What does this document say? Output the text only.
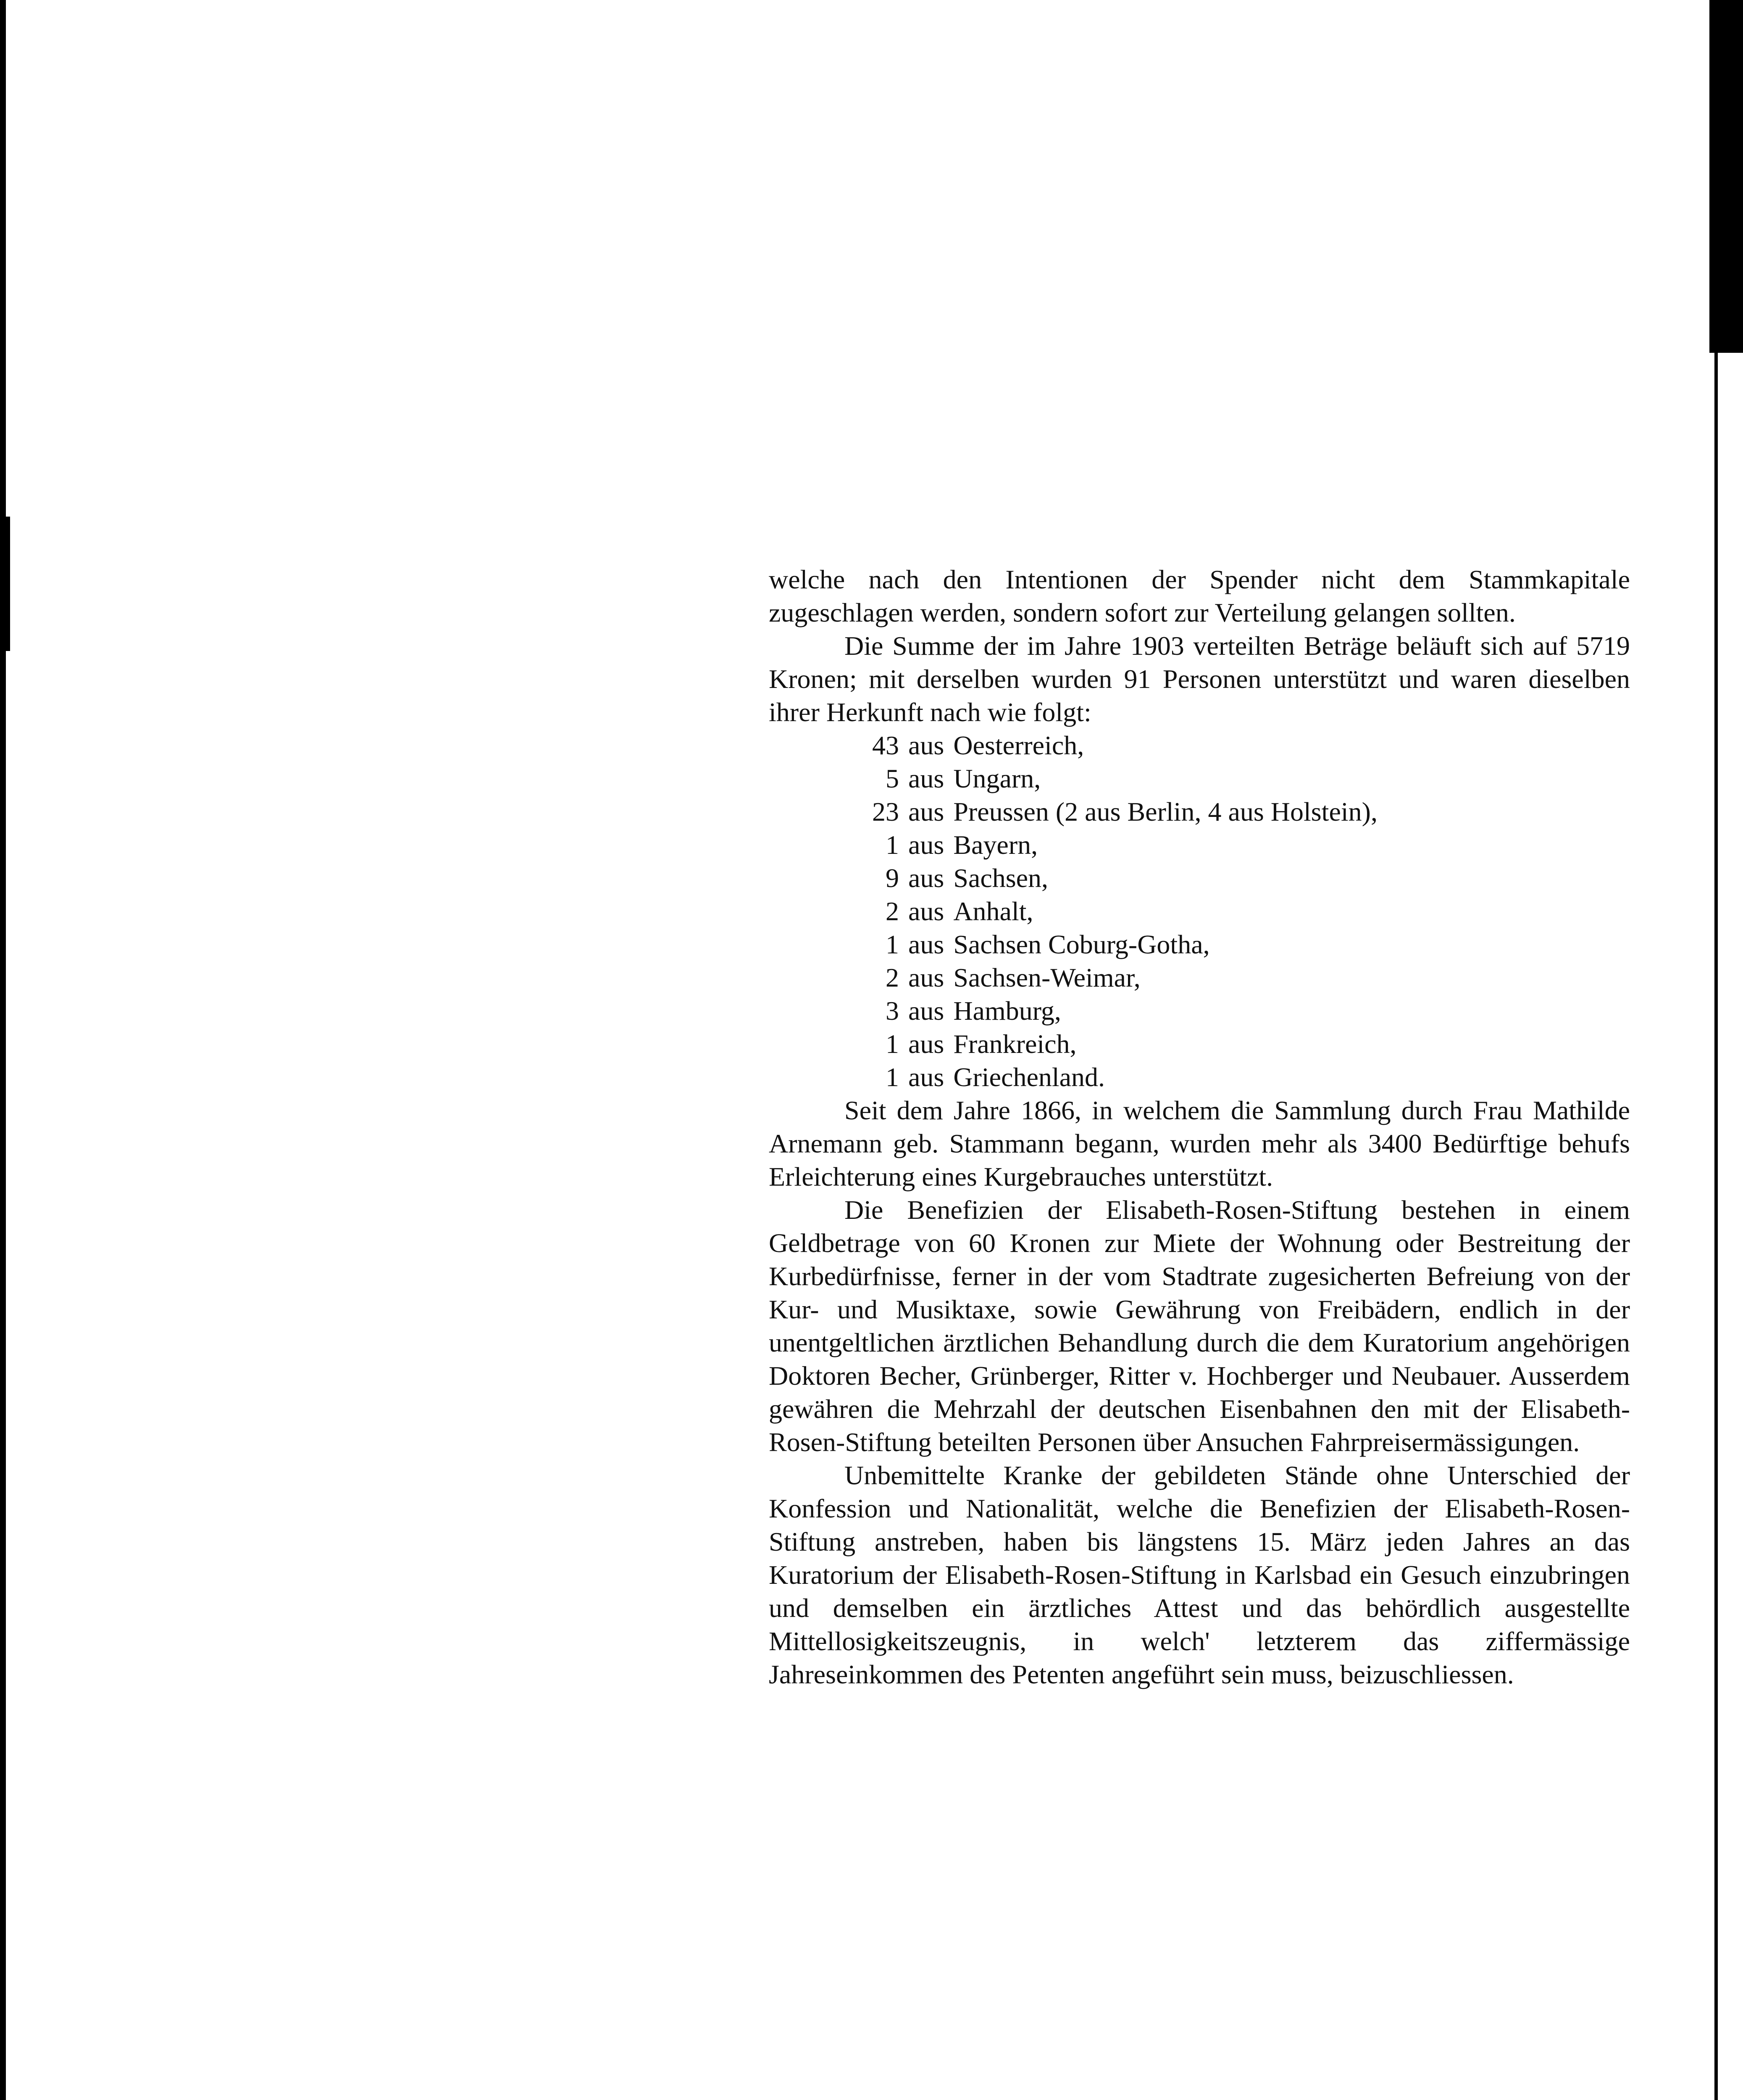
welche nach den Intentionen der Spender nicht dem Stammkapitale zugeschlagen werden, sondern sofort zur Verteilung gelangen sollten.

Die Summe der im Jahre 1903 verteilten Beträge beläuft sich auf 5719 Kronen; mit derselben wurden 91 Personen unterstützt und waren dieselben ihrer Herkunft nach wie folgt:

43 aus Oesterreich,
5 aus Ungarn,
23 aus Preussen (2 aus Berlin, 4 aus Holstein),
1 aus Bayern,
9 aus Sachsen,
2 aus Anhalt,
1 aus Sachsen Coburg-Gotha,
2 aus Sachsen-Weimar,
3 aus Hamburg,
1 aus Frankreich,
1 aus Griechenland.

Seit dem Jahre 1866, in welchem die Sammlung durch Frau Mathilde Arnemann geb. Stammann begann, wurden mehr als 3400 Bedürftige behufs Erleichterung eines Kurgebrauches unterstützt.

Die Benefizien der Elisabeth-Rosen-Stiftung bestehen in einem Geldbetrage von 60 Kronen zur Miete der Wohnung oder Bestreitung der Kurbedürfnisse, ferner in der vom Stadtrate zugesicherten Befreiung von der Kur- und Musiktaxe, sowie Gewährung von Freibädern, endlich in der unentgeltlichen ärztlichen Behandlung durch die dem Kuratorium angehörigen Doktoren Becher, Grünberger, Ritter v. Hochberger und Neubauer. Ausserdem gewähren die Mehrzahl der deutschen Eisenbahnen den mit der Elisabeth-Rosen-Stiftung beteilten Personen über Ansuchen Fahrpreisermässigungen.

Unbemittelte Kranke der gebildeten Stände ohne Unterschied der Konfession und Nationalität, welche die Benefizien der Elisabeth-Rosen-Stiftung anstreben, haben bis längstens 15. März jeden Jahres an das Kuratorium der Elisabeth-Rosen-Stiftung in Karlsbad ein Gesuch einzubringen und demselben ein ärztliches Attest und das behördlich ausgestellte Mittellosigkeitszeugnis, in welch' letzterem das ziffermässige Jahreseinkommen des Petenten angeführt sein muss, beizuschliessen.
